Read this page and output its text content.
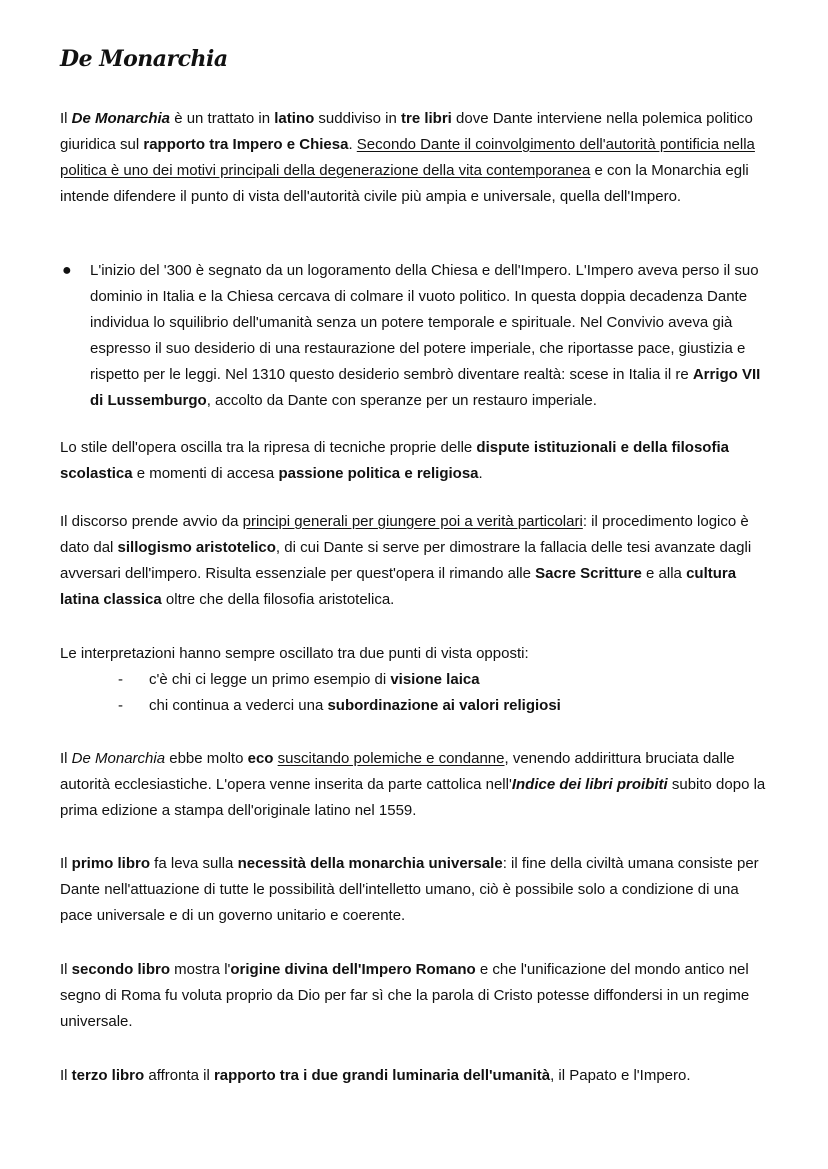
De Monarchia

Il De Monarchia è un trattato in latino suddiviso in tre libri dove Dante interviene nella polemica politico giuridica sul rapporto tra Impero e Chiesa. Secondo Dante il coinvolgimento dell'autorità pontificia nella politica è uno dei motivi principali della degenerazione della vita contemporanea e con la Monarchia egli intende difendere il punto di vista dell'autorità civile più ampia e universale, quella dell'Impero.

● L'inizio del '300 è segnato da un logoramento della Chiesa e dell'Impero. L'Impero aveva perso il suo dominio in Italia e la Chiesa cercava di colmare il vuoto politico. In questa doppia decadenza Dante individua lo squilibrio dell'umanità senza un potere temporale e spirituale. Nel Convivio aveva già espresso il suo desiderio di una restaurazione del potere imperiale, che riportasse pace, giustizia e rispetto per le leggi. Nel 1310 questo desiderio sembrò diventare realtà: scese in Italia il re Arrigo VII di Lussemburgo, accolto da Dante con speranze per un restauro imperiale.

Lo stile dell'opera oscilla tra la ripresa di tecniche proprie delle dispute istituzionali e della filosofia scolastica e momenti di accesa passione politica e religiosa.

Il discorso prende avvio da principi generali per giungere poi a verità particolari: il procedimento logico è dato dal sillogismo aristotelico, di cui Dante si serve per dimostrare la fallacia delle tesi avanzate dagli avversari dell'impero. Risulta essenziale per quest'opera il rimando alle Sacre Scritture e alla cultura latina classica oltre che della filosofia aristotelica.

Le interpretazioni hanno sempre oscillato tra due punti di vista opposti:

- c'è chi ci legge un primo esempio di visione laica
- chi continua a vederci una subordinazione ai valori religiosi

Il De Monarchia ebbe molto eco suscitando polemiche e condanne, venendo addirittura bruciata dalle autorità ecclesiastiche. L'opera venne inserita da parte cattolica nell'Indice dei libri proibiti subito dopo la prima edizione a stampa dell'originale latino nel 1559.

Il primo libro fa leva sulla necessità della monarchia universale: il fine della civiltà umana consiste per Dante nell'attuazione di tutte le possibilità dell'intelletto umano, ciò è possibile solo a condizione di una pace universale e di un governo unitario e coerente.

Il secondo libro mostra l'origine divina dell'Impero Romano e che l'unificazione del mondo antico nel segno di Roma fu voluta proprio da Dio per far sì che la parola di Cristo potesse diffondersi in un regime universale.

Il terzo libro affronta il rapporto tra i due grandi luminaria dell'umanità, il Papato e l'Impero.
